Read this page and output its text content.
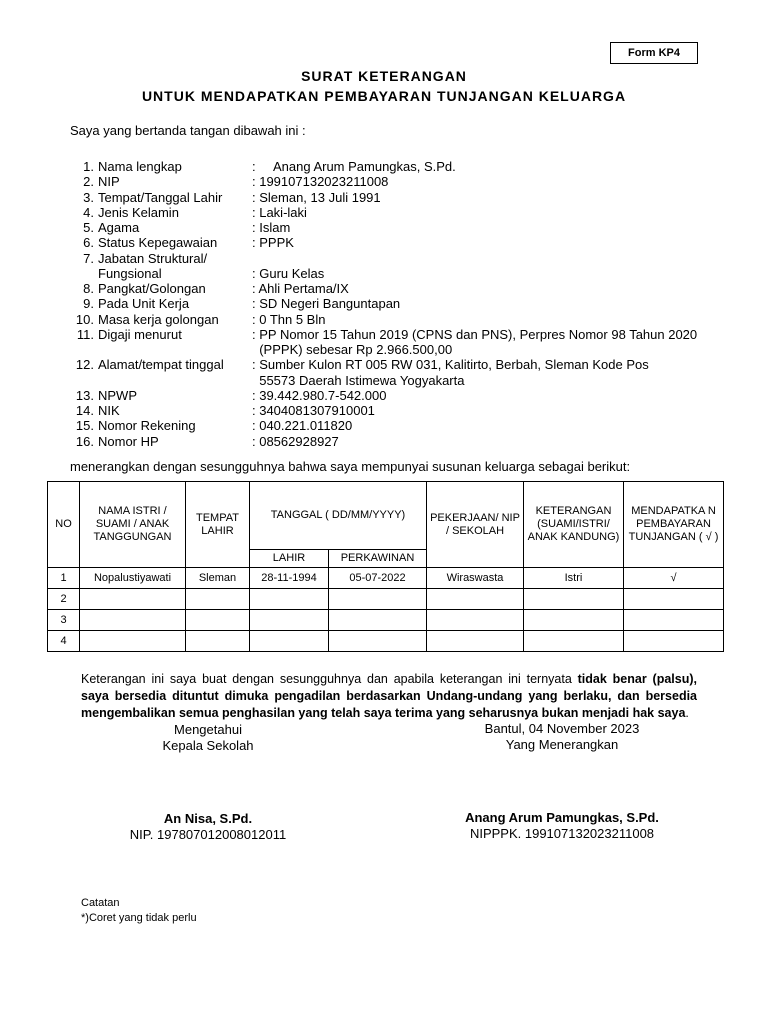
Form KP4
SURAT KETERANGAN
UNTUK MENDAPATKAN PEMBAYARAN TUNJANGAN KELUARGA
Saya yang bertanda tangan dibawah ini :
1. Nama lengkap	:     Anang Arum Pamungkas, S.Pd.
2. NIP	: 199107132023211008
3. Tempat/Tanggal Lahir : Sleman, 13 Juli 1991
4. Jenis Kelamin	: Laki-laki
5. Agama	: Islam
6. Status Kepegawaian	: PPPK
7. Jabatan Struktural/
Fungsional	: Guru Kelas
8. Pangkat/Golongan	: Ahli Pertama/IX
9. Pada Unit Kerja	: SD Negeri Banguntapan
10. Masa kerja golongan	: 0 Thn 5 Bln
11. Digaji menurut	: PP Nomor 15 Tahun 2019 (CPNS dan PNS), Perpres Nomor 98 Tahun 2020
(PPPK) sebesar Rp 2.966.500,00
12. Alamat/tempat tinggal : Sumber Kulon RT 005 RW 031, Kalitirto, Berbah, Sleman Kode Pos
55573 Daerah Istimewa Yogyakarta
13. NPWP	: 39.442.980.7-542.000
14. NIK	: 3404081307910001
15. Nomor Rekening	: 040.221.011820
16. Nomor HP	: 08562928927
menerangkan dengan sesungguhnya bahwa saya mempunyai susunan keluarga sebagai berikut:
NO	NAMA ISTRI / SUAMI / ANAK TANGGUNGAN	TEMPAT LAHIR	TANGGAL ( DD/MM/YYYY)		PEKERJAAN/ NIP / SEKOLAH	KETERANGAN (SUAMI/ISTRI/ ANAK KANDUNG)	MENDAPATKA N PEMBAYARAN TUNJANGAN ( √ )
			LAHIR	PERKAWINAN			
1	Nopalustiyawati	Sleman	28-11-1994	05-07-2022	Wiraswasta	Istri	√
2							
3							
4							
Keterangan ini saya buat dengan sesungguhnya dan apabila keterangan ini ternyata tidak benar (palsu), saya bersedia dituntut dimuka pengadilan berdasarkan Undang-undang yang berlaku, dan bersedia mengembalikan semua penghasilan yang telah saya terima yang seharusnya bukan menjadi hak saya.
Mengetahui
Kepala Sekolah
An Nisa, S.Pd.
NIP. 197807012008012011
Bantul, 04 November 2023
Yang Menerangkan
Anang Arum Pamungkas, S.Pd.
NIPPPK. 199107132023211008
Catatan
*)Coret yang tidak perlu
